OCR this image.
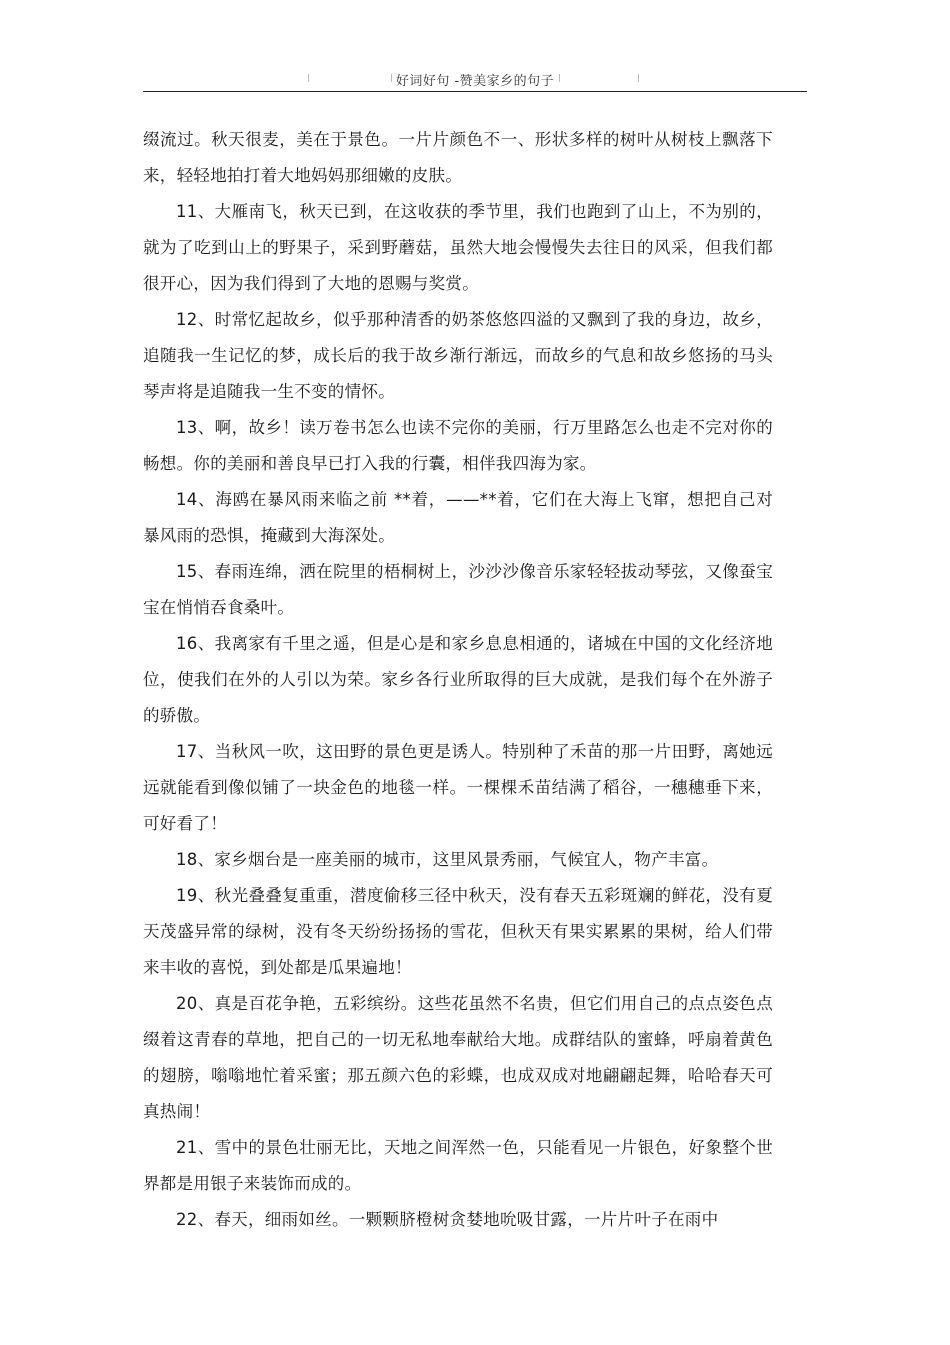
好词好句 -赞美家乡的句子

缀流过。秋天很麦，美在于景色。一片片颜色不一、形状多样的树叶从树枝上飘落下来，轻轻地拍打着大地妈妈那细嫩的皮肤。

11、大雁南飞，秋天已到，在这收获的季节里，我们也跑到了山上，不为别的，就为了吃到山上的野果子，采到野蘑菇，虽然大地会慢慢失去往日的风采，但我们都很开心，因为我们得到了大地的恩赐与奖赏。

12、时常忆起故乡，似乎那种清香的奶茶悠悠四溢的又飘到了我的身边，故乡，追随我一生记忆的梦，成长后的我于故乡渐行渐远，而故乡的气息和故乡悠扬的马头琴声将是追随我一生不变的情怀。

13、啊，故乡！读万卷书怎么也读不完你的美丽，行万里路怎么也走不完对你的畅想。你的美丽和善良早已打入我的行囊，相伴我四海为家。

14、海鸥在暴风雨来临之前 **着，——**着，它们在大海上飞窜，想把自己对暴风雨的恐惧，掩藏到大海深处。

15、春雨连绵，洒在院里的梧桐树上，沙沙沙像音乐家轻轻拔动琴弦，又像蚕宝宝在悄悄吞食桑叶。

16、我离家有千里之遥，但是心是和家乡息息相通的，诸城在中国的文化经济地位，使我们在外的人引以为荣。家乡各行业所取得的巨大成就，是我们每个在外游子的骄傲。

17、当秋风一吹，这田野的景色更是诱人。特别种了禾苗的那一片田野，离她远远就能看到像似铺了一块金色的地毯一样。一棵棵禾苗结满了稻谷，一穗穗垂下来，可好看了！

18、家乡烟台是一座美丽的城市，这里风景秀丽，气候宜人，物产丰富。

19、秋光叠叠复重重，潜度偷移三径中秋天，没有春天五彩斑斓的鲜花，没有夏天茂盛异常的绿树，没有冬天纷纷扬扬的雪花，但秋天有果实累累的果树，给人们带来丰收的喜悦，到处都是瓜果遍地！

20、真是百花争艳，五彩缤纷。这些花虽然不名贵，但它们用自己的点点姿色点缀着这青春的草地，把自己的一切无私地奉献给大地。成群结队的蜜蜂，呼扇着黄色的翅膀，嗡嗡地忙着采蜜；那五颜六色的彩蝶，也成双成对地翩翩起舞，哈哈春天可真热闹！

21、雪中的景色壮丽无比，天地之间浑然一色，只能看见一片银色，好象整个世界都是用银子来装饰而成的。

22、春天，细雨如丝。一颗颗脐橙树贪婪地吮吸甘露，一片片叶子在雨中
